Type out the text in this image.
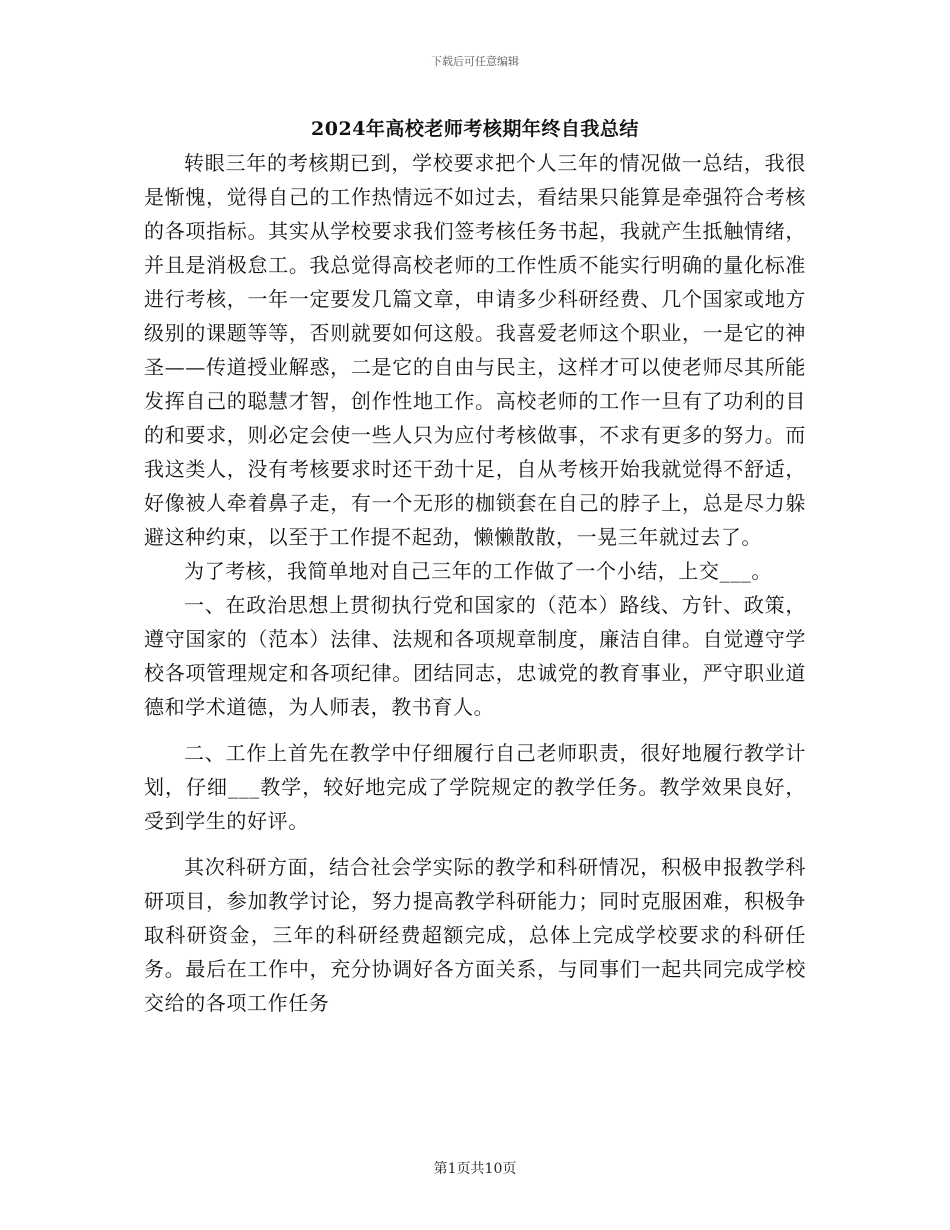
下载后可任意编辑
2024年高校老师考核期年终自我总结

转眼三年的考核期已到，学校要求把个人三年的情况做一总结，我很是惭愧，觉得自己的工作热情远不如过去，看结果只能算是牵强符合考核的各项指标。其实从学校要求我们签考核任务书起，我就产生抵触情绪，并且是消极怠工。我总觉得高校老师的工作性质不能实行明确的量化标准进行考核，一年一定要发几篇文章，申请多少科研经费、几个国家或地方级别的课题等等，否则就要如何这般。我喜爱老师这个职业，一是它的神圣——传道授业解惑，二是它的自由与民主，这样才可以使老师尽其所能发挥自己的聪慧才智，创作性地工作。高校老师的工作一旦有了功利的目的和要求，则必定会使一些人只为应付考核做事，不求有更多的努力。而我这类人，没有考核要求时还干劲十足，自从考核开始我就觉得不舒适，好像被人牵着鼻子走，有一个无形的枷锁套在自己的脖子上，总是尽力躲避这种约束，以至于工作提不起劲，懒懒散散，一晃三年就过去了。

为了考核，我简单地对自己三年的工作做了一个小结，上交___。

一、在政治思想上贯彻执行党和国家的（范本）路线、方针、政策，遵守国家的（范本）法律、法规和各项规章制度，廉洁自律。自觉遵守学校各项管理规定和各项纪律。团结同志，忠诚党的教育事业，严守职业道德和学术道德，为人师表，教书育人。

二、工作上首先在教学中仔细履行自己老师职责，很好地履行教学计划，仔细___教学，较好地完成了学院规定的教学任务。教学效果良好，受到学生的好评。

其次科研方面，结合社会学实际的教学和科研情况，积极申报教学科研项目，参加教学讨论，努力提高教学科研能力；同时克服困难，积极争取科研资金，三年的科研经费超额完成，总体上完成学校要求的科研任务。最后在工作中，充分协调好各方面关系，与同事们一起共同完成学校交给的各项工作任务

第1页共10页
